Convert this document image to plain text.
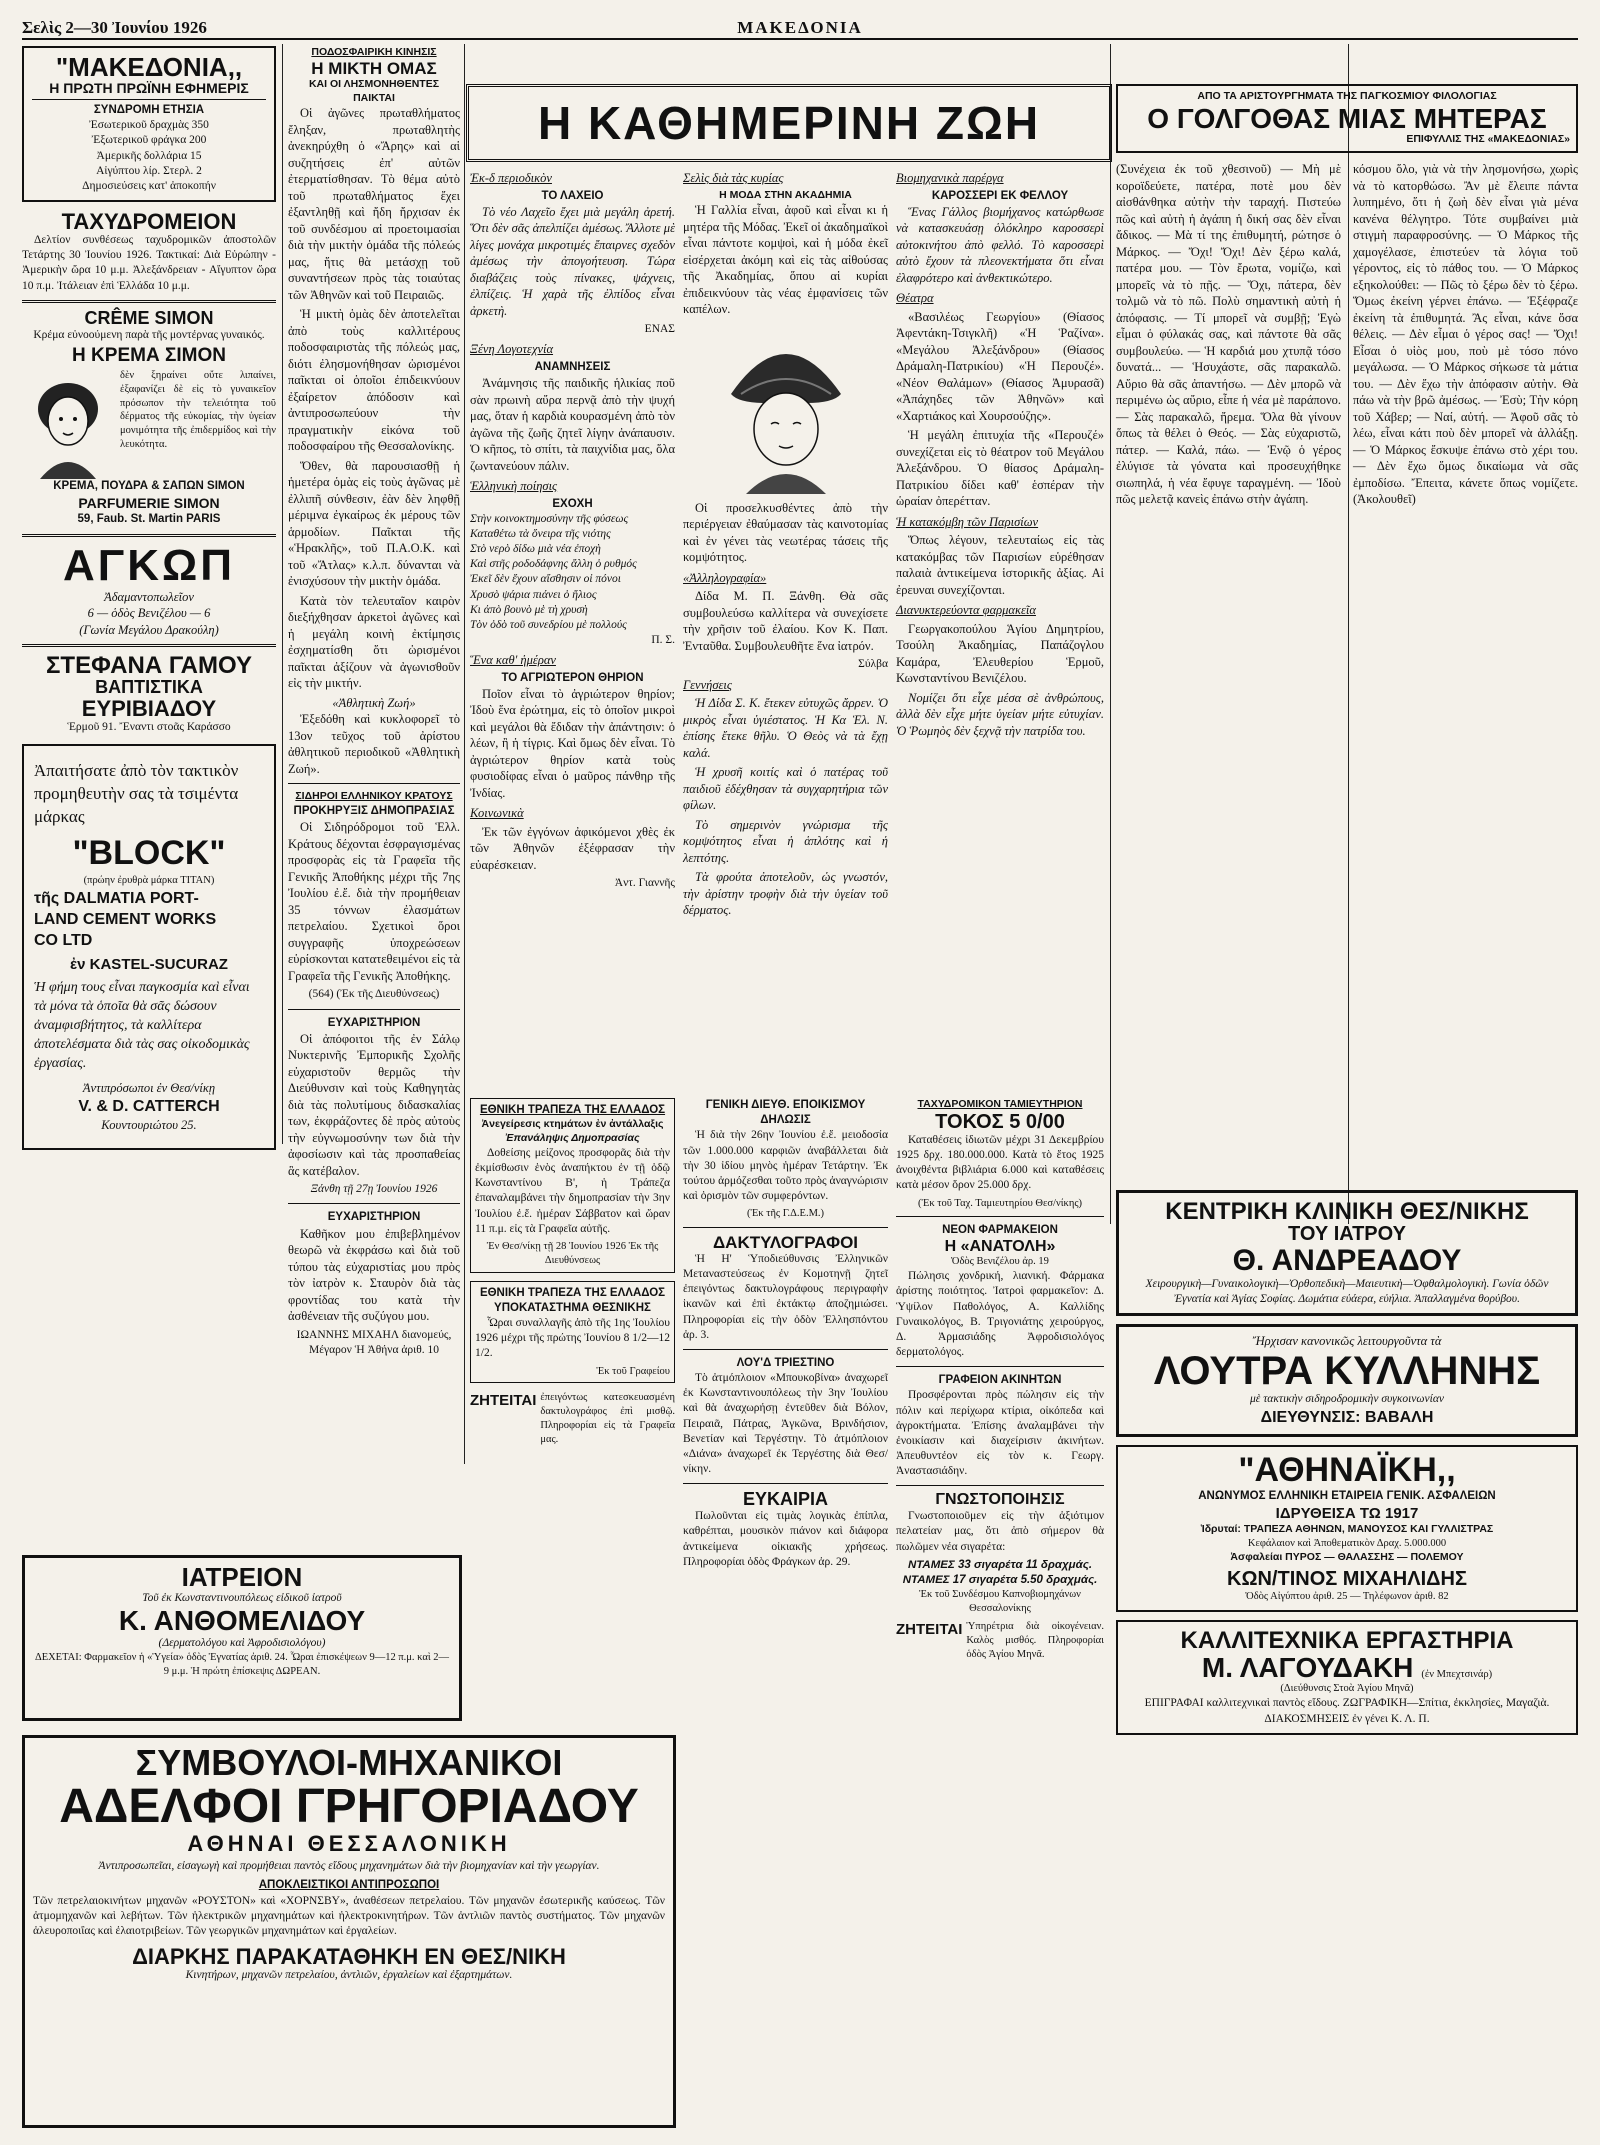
Σελὶς 2—30 Ἰουνίου 1926	ΜΑΚΕΔΟΝΙΑ
"ΜΑΚΕΔΟΝΙΑ,,
Η ΠΡΩΤΗ ΠΡΩΪΝΗ ΕΦΗΜΕΡΙΣ
ΣΥΝΔΡΟΜΗ ΕΤΗΣΙΑ
Ἐσωτερικοῦ δραχμὰς 350
Ἐξωτερικοῦ φράγκα 200
Ἀμερικῆς δολλάρια 15
Αἰγύπτου λίρ. Στερλ. 2
Δημοσιεύσεις κατ' ἀποκοπήν
ΤΑΧΥΔΡΟΜΕΙΟΝ

Δελτίον συνθέσεως ταχυδρομικῶν ἀποστολῶν Τετάρτης 30 Ἰουνίου 1926. Τακτικαί: Διὰ Εὐρώπην - Ἀμερικὴν ὥρα 10 μ.μ. Ἀλεξάνδρειαν - Αἴγυπτον ὥρα 10 π.μ. Ἰτάλειαν ἐπὶ Ἑλλάδα 10 μ.μ.

CRÊME SIMON
Κρέμα εὐνοούμενη παρὰ τῆς μοντέρνας γυναικός.
Η ΚΡΕΜΑ ΣΙΜΟΝ

δὲν ξηραίνει οὔτε λιπαίνει, ἐξαφανίζει δὲ εἰς τὸ γυναικεῖον πρόσωπον τὴν τελειότητα τοῦ δέρματος τῆς εὐκομίας, τὴν ὑγείαν μονιμότητα τῆς ἐπιδερμίδος καὶ τὴν λευκότητα.

ΚΡΕΜΑ, ΠΟΥΔΡΑ & ΣΑΠΩΝ SIMON
PARFUMERIE SIMON
59, Faub. St. Martin PARIS
ΑΓΚΩΠ
Ἀδαμαντοπωλεῖον
6 — ὁδὸς Βενιζέλου — 6
(Γωνία Μεγάλου Δρακούλη)
ΣΤΕΦΑΝΑ ΓΑΜΟΥ
ΒΑΠΤΙΣΤΙΚΑ
ΕΥΡΙΒΙΑΔΟΥ
Ἑρμοῦ 91. Ἔναντι στοᾶς Καράσσο
Ἀπαιτήσατε ἀπὸ τὸν τακτικὸν προμηθευτὴν σας τὰ τσιμέντα μάρκας
"BLOCK"
(πρώην ἐρυθρὰ μάρκα ΤΙΤΑΝ)
τῆς DALMATIA PORT-
LAND CEMENT WORKS
CO LTD
ἐν KASTEL-SUCURAZ
Ἡ φήμη τους εἶναι παγκοσμία καὶ εἶναι τὰ μόνα τὰ ὁποῖα θὰ σᾶς δώσουν ἀναμφισβήτητος, τὰ καλλίτερα ἀποτελέσματα διὰ τὰς σας οἰκοδομικὰς ἐργασίας.
Ἀντιπρόσωποι ἐν Θεσ/νίκῃ
V. & D. CATTERCH
Κουντουριώτου 25.
ΠΟΔΟΣΦΑΙΡΙΚΗ ΚΙΝΗΣΙΣ
Η ΜΙΚΤΗ ΟΜΑΣ
ΚΑΙ ΟΙ ΛΗΣΜΟΝΗΘΕΝΤΕΣ ΠΑΙΚΤΑΙ

Οἱ ἀγῶνες πρωταθλήματος ἔληξαν, πρωταθλητὴς ἀνεκηρύχθη ὁ «Ἄρης» καὶ αἱ συζητήσεις ἐπ' αὐτῶν ἐτερματίσθησαν. Τὸ θέμα αὐτὸ τοῦ πρωταθλήματος ἔχει ἐξαντληθῇ καὶ ἤδη ἤρχισαν ἐκ τοῦ συνδέσμου αἱ προετοιμασίαι διὰ τὴν μικτὴν ὁμάδα τῆς πόλεώς μας, ἥτις θὰ μετάσχῃ τοῦ συναντήσεων πρὸς τὰς τοιαύτας τῶν Ἀθηνῶν καὶ τοῦ Πειραιῶς.

Ἡ μικτὴ ὁμὰς δὲν ἀποτελεῖται ἀπὸ τοὺς καλλιτέρους ποδοσφαιριστὰς τῆς πόλεώς μας, διότι ἐλησμονήθησαν ὡρισμένοι παῖκται οἱ ὁποῖοι ἐπιδεικνύουν ἐξαίρετον ἀπόδοσιν καὶ ἀντιπροσωπεύουν τὴν πραγματικὴν εἰκόνα τοῦ ποδοσφαίρου τῆς Θεσσαλονίκης.

Ὅθεν, θὰ παρουσιασθῇ ἡ ἡμετέρα ὁμὰς εἰς τοὺς ἀγῶνας μὲ ἐλλιπῆ σύνθεσιν, ἐὰν δὲν ληφθῇ μέριμνα ἐγκαίρως ἐκ μέρους τῶν ἁρμοδίων. Παῖκται τῆς «Ἡρακλῆς», τοῦ Π.Α.Ο.Κ. καὶ τοῦ «Ἄτλας» κ.λ.π. δύνανται νὰ ἐνισχύσουν τὴν μικτὴν ὁμάδα.

Κατὰ τὸν τελευταῖον καιρὸν διεξήχθησαν ἀρκετοὶ ἀγῶνες καὶ ἡ μεγάλη κοινὴ ἐκτίμησις ἐσχηματίσθη ὅτι ὡρισμένοι παῖκται ἀξίζουν νὰ ἀγωνισθοῦν εἰς τὴν μικτήν.

«Ἀθλητικὴ Ζωή»

Ἐξεδόθη καὶ κυκλοφορεῖ τὸ 13ον τεῦχος τοῦ ἀρίστου ἀθλητικοῦ περιοδικοῦ «Ἀθλητικὴ Ζωή».

ΣΙΔΗΡΟΙ ΕΛΛΗΝΙΚΟΥ ΚΡΑΤΟΥΣ
ΠΡΟΚΗΡΥΞΙΣ ΔΗΜΟΠΡΑΣΙΑΣ

Οἱ Σιδηρόδρομοι τοῦ Ἑλλ. Κράτους δέχονται ἐσφραγισμένας προσφορὰς εἰς τὰ Γραφεῖα τῆς Γενικῆς Ἀποθήκης μέχρι τῆς 7ης Ἰουλίου ἐ.ἔ. διὰ τὴν προμήθειαν 35 τόννων ἐλασμάτων πετρελαίου. Σχετικοὶ ὅροι συγγραφῆς ὑποχρεώσεων εὑρίσκονται κατατεθειμένοι εἰς τὰ Γραφεῖα τῆς Γενικῆς Ἀποθήκης.

(564) (Ἐκ τῆς Διευθύνσεως)
ΕΥΧΑΡΙΣΤΗΡΙΟΝ

Οἱ ἀπόφοιτοι τῆς ἐν Σάλῳ Νυκτερινῆς Ἐμπορικῆς Σχολῆς εὐχαριστοῦν θερμῶς τὴν Διεύθυνσιν καὶ τοὺς Καθηγητὰς διὰ τὰς πολυτίμους διδασκαλίας των, ἐκφράζοντες δὲ πρὸς αὐτοὺς τὴν εὐγνωμοσύνην των διὰ τὴν ἀφοσίωσιν καὶ τὰς προσπαθείας ἃς κατέβαλον.

Ξάνθη τῇ 27ῃ Ἰουνίου 1926
ΕΥΧΑΡΙΣΤΗΡΙΟΝ

Καθῆκον μου ἐπιβεβλημένον θεωρῶ νὰ ἐκφράσω καὶ διὰ τοῦ τύπου τὰς εὐχαριστίας μου πρὸς τὸν ἰατρὸν κ. Σταυρὸν διὰ τὰς φροντίδας του κατὰ τὴν ἀσθένειαν τῆς συζύγου μου.

ΙΩΑΝΝΗΣ ΜΙΧΑΗΛ διανομεύς, Μέγαρον Ἡ Ἀθήνα ἀριθ. 10
Η ΚΑΘΗΜΕΡΙΝΗ ΖΩΗ
Ἐκ-δ περιοδικὸν
ΤΟ ΛΑΧΕΙΟ

Τὸ νέο Λαχεῖο ἔχει μιὰ μεγάλη ἀρετή. Ὅτι δὲν σᾶς ἀπελπίζει ἀμέσως. Ἄλλοτε μὲ λίγες μονάχα μικροτιμές ἔπαιρνες σχεδὸν ἀμέσως τὴν ἀπογοήτευση. Τώρα διαβάζεις τοὺς πίνακες, ψάχνεις, ἐλπίζεις. Ἡ χαρὰ τῆς ἐλπίδος εἶναι ἀρκετὴ.

ΕΝΑΣ
Ξένη Λογοτεχνία
ΑΝΑΜΝΗΣΕΙΣ

Ἀνάμνησις τῆς παιδικῆς ἡλικίας ποῦ σὰν πρωινὴ αὔρα περνᾷ ἀπὸ τὴν ψυχή μας, ὅταν ἡ καρδιὰ κουρασμένη ἀπὸ τὸν ἀγῶνα τῆς ζωῆς ζητεῖ λίγην ἀνάπαυσιν. Ὁ κῆπος, τὸ σπίτι, τὰ παιχνίδια μας, ὅλα ζωντανεύουν πάλιν.

Ἑλληνικὴ ποίησις
ΕΧΟΧΗ
Στὴν κοινοκτημοσύνην τῆς φύσεως
Καταθέτω τὰ ὄνειρα τῆς νιότης
Στὸ νερὸ δίδω μιὰ νέα ἐποχὴ
Καὶ στῆς ροδοδάφνης ἄλλη ὁ ρυθμός
Ἐκεῖ δὲν ἔχουν αἴσθησιν οἱ πόνοι
Χρυσὸ ψάρια πιάνει ὁ ἥλιος
Κι ἀπὸ βουνὸ μὲ τὴ χρυσὴ
Τὸν ὁδὸ τοῦ συνεδρίου μὲ πολλούς
Π. Σ.
Ἕνα καθ' ἡμέραν
ΤΟ ΑΓΡΙΩΤΕΡΟΝ ΘΗΡΙΟΝ

Ποῖον εἶναι τὸ ἀγριώτερον θηρίον; Ἰδοὺ ἕνα ἐρώτημα, εἰς τὸ ὁποῖον μικροὶ καὶ μεγάλοι θὰ ἔδιδαν τὴν ἀπάντησιν: ὁ λέων, ἢ ἡ τίγρις. Καὶ ὅμως δὲν εἶναι. Τὸ ἀγριώτερον θηρίον κατὰ τοὺς φυσιοδίφας εἶναι ὁ μαῦρος πάνθηρ τῆς Ἰνδίας.

Κοινωνικὰ

Ἐκ τῶν ἐγγόνων ἀφικόμενοι χθὲς ἐκ τῶν Ἀθηνῶν ἐξέφρασαν τὴν εὐαρέσκειαν.

Ἀντ. Γιαννῆς
Σελὶς διὰ τὰς κυρίας
Η ΜΟΔΑ ΣΤΗΝ ΑΚΑΔΗΜΙΑ

Ἡ Γαλλία εἶναι, ἀφοῦ καὶ εἶναι κι ἡ μητέρα τῆς Μόδας. Ἐκεῖ οἱ ἀκαδημαϊκοὶ εἶναι πάντοτε κομψοὶ, καὶ ἡ μόδα ἐκεῖ εἰσέρχεται ἀκόμη καὶ εἰς τὰς αἰθούσας τῆς Ἀκαδημίας, ὅπου αἱ κυρίαι ἐπιδεικνύουν τὰς νέας ἐμφανίσεις τῶν καπέλων.

Οἱ προσελκυσθέντες ἀπὸ τὴν περιέργειαν ἐθαύμασαν τὰς καινοτομίας καὶ ἐν γένει τὰς νεωτέρας τάσεις τῆς κομψότητος.

«Ἀλληλογραφία»

Δίδα Μ. Π. Ξάνθη. Θὰ σᾶς συμβουλεύσω καλλίτερα νὰ συνεχίσετε τὴν χρῆσιν τοῦ ἐλαίου. Κον Κ. Παπ. Ἐνταῦθα. Συμβουλευθῆτε ἕνα ἰατρόν.

Σύλβα
Γεννήσεις

Ἡ Δίδα Σ. Κ. ἔτεκεν εὐτυχῶς ἄρρεν. Ὁ μικρὸς εἶναι ὑγιέστατος. Ἡ Κα Ἑλ. Ν. ἐπίσης ἔτεκε θῆλυ. Ὁ Θεὸς νὰ τὰ ἔχῃ καλά.

Ἡ χρυσῆ κοιτίς καὶ ὁ πατέρας τοῦ παιδιοῦ ἐδέχθησαν τὰ συγχαρητήρια τῶν φίλων.

Τὸ σημερινὸν γνώρισμα τῆς κομψότητος εἶναι ἡ ἁπλότης καὶ ἡ λεπτότης.

Τὰ φρούτα ἀποτελοῦν, ὡς γνωστόν, τὴν ἀρίστην τροφὴν διὰ τὴν ὑγείαν τοῦ δέρματος.

Βιομηχανικὰ παρέργα
ΚΑΡΟΣΣΕΡΙ ΕΚ ΦΕΛΛΟΥ

Ἕνας Γάλλος βιομήχανος κατώρθωσε νὰ κατασκευάσῃ ὁλόκληρο καροσσερὶ αὐτοκινήτου ἀπὸ φελλό. Τὸ καροσσερὶ αὐτὸ ἔχουν τὰ πλεονεκτήματα ὅτι εἶναι ἐλαφρότερο καὶ ἀνθεκτικώτερο.

Θέατρα

«Βασιλέως Γεωργίου» (Θίασος Ἀφεντάκη-Τσιγκλῆ) «Ἡ Ῥαζίνα». «Μεγάλου Ἀλεξάνδρου» (Θίασος Δράμαλη-Πατρικίου) «Ἡ Περουζέ». «Νέον Θαλάμων» (Θίασος Ἀμυρασᾶ) «Ἀπάχηδες τῶν Ἀθηνῶν» καὶ «Χαρτιάκος καὶ Χουρσούζης».

Ἡ μεγάλη ἐπιτυχία τῆς «Περουζέ» συνεχίζεται εἰς τὸ θέατρον τοῦ Μεγάλου Ἀλεξάνδρου. Ὁ θίασος Δράμαλη-Πατρικίου δίδει καθ' ἑσπέραν τὴν ὡραίαν ὀπερέτταν.

Ἡ κατακόμβη τῶν Παρισίων

Ὅπως λέγουν, τελευταίως εἰς τὰς κατακόμβας τῶν Παρισίων εὑρέθησαν παλαιὰ ἀντικείμενα ἱστορικῆς ἀξίας. Αἱ ἐρευναι συνεχίζονται.

Διανυκτερεύοντα φαρμακεῖα

Γεωργακοπούλου Ἁγίου Δημητρίου, Τσούλη Ἀκαδημίας, Παπάζογλου Καμάρα, Ἐλευθερίου Ἑρμοῦ, Κωνσταντίνου Βενιζέλου.

Νομίζει ὅτι εἶχε μέσα σὲ ἀνθρώπους, ἀλλὰ δὲν εἶχε μήτε ὑγείαν μήτε εὐτυχίαν. Ὁ Ῥωμηὸς δὲν ξεχνᾷ τὴν πατρίδα του.

ΑΠΟ ΤΑ ΑΡΙΣΤΟΥΡΓΗΜΑΤΑ ΤΗΣ ΠΑΓΚΟΣΜΙΟΥ ΦΙΛΟΛΟΓΙΑΣ
Ο ΓΟΛΓΟΘΑΣ ΜΙΑΣ ΜΗΤΕΡΑΣ
ΕΠΙΦΥΛΛΙΣ ΤΗΣ «ΜΑΚΕΔΟΝΙΑΣ»

(Συνέχεια ἐκ τοῦ χθεσινοῦ) — Μὴ μὲ κοροϊδεύετε, πατέρα, ποτὲ μου δὲν αἰσθάνθηκα αὐτὴν τὴν ταραχή. Πιστεύω πῶς καὶ αὐτὴ ἡ ἀγάπη ἡ δική σας δὲν εἶναι ἄδικος. — Μὰ τί της ἐπιθυμητή, ρώτησε ὁ Μάρκος. — Ὄχι! Ὄχι! Δὲν ξέρω καλά, πατέρα μου. — Τὸν ἔρωτα, νομίζω, καὶ μπορεῖς νὰ τὸ πῇς. — Ὅχι, πάτερα, δὲν τολμῶ νὰ τὸ πῶ. Πολὺ σημαντικὴ αὐτὴ ἡ ἀπόφασις. — Τί μπορεῖ νὰ συμβῇ; Ἐγὼ εἶμαι ὁ φύλακάς σας, καὶ πάντοτε θὰ σᾶς συμβουλεύω. — Ἡ καρδιά μου χτυπᾷ τόσο δυνατά... — Ἡσυχάστε, σᾶς παρακαλῶ. Αὔριο θὰ σᾶς ἀπαντήσω. — Δὲν μπορῶ νὰ περιμένω ὡς αὔριο, εἶπε ἡ νέα μὲ παράπονο. — Σὰς παρακαλῶ, ἤρεμα. Ὅλα θὰ γίνουν ὅπως τὰ θέλει ὁ Θεός. — Σὰς εὐχαριστῶ, πάτερ. — Καλά, πάω. — Ἐνῷ ὁ γέρος ἐλύγισε τὰ γόνατα καὶ προσευχήθηκε σιωπηλά, ἡ νέα ἔφυγε ταραγμένη. — Ἰδοὺ πῶς μελετᾷ κανεὶς ἐπάνω στὴν ἀγάπη.

κόσμου ὅλο, γιὰ νὰ τὴν λησμονήσω, χωρὶς νὰ τὸ κατορθώσω. Ἂν μὲ ἔλειπε πάντα λυπημένο, ὅτι ἡ ζωὴ δὲν εἶναι γιὰ μένα κανένα θέλγητρο. Τότε συμβαίνει μιὰ στιγμὴ παραφροσύνης. — Ὁ Μάρκος τῆς χαμογέλασε, ἐπιστεύεν τὰ λόγια τοῦ γέροντος, εἰς τὸ πάθος του. — Ὁ Μάρκος εξηκολούθει: — Πῶς τὸ ξέρω δὲν τὸ ξέρω. Ὅμως ἐκείνη γέρνει ἐπάνω. — Ἐξέφραζε ἐκείνη τὰ ἐπιθυμητά. Ἂς εἶναι, κάνε ὅσα θέλεις. — Δὲν εἶμαι ὁ γέρος σας! — Ὄχι! Εἶσαι ὁ υἱὸς μου, ποὺ μὲ τόσο πόνο μεγάλωσα. — Ὁ Μάρκος σήκωσε τὰ μάτια του. — Δὲν ἔχω τὴν ἀπόφασιν αὐτὴν. Θὰ πάω νὰ τὴν βρῶ ἀμέσως. — Ἐσὺ; Τὴν κόρη τοῦ Χάβερ; — Ναί, αὐτή. — Ἀφοῦ σᾶς τὸ λέω, εἶναι κάτι ποὺ δὲν μπορεῖ νὰ ἀλλάξῃ. — Ὁ Μάρκος ἔσκυψε ἐπάνω στὸ χέρι του. — Δὲν ἔχω ὅμως δικαίωμα νὰ σᾶς ἐμποδίσω. Ἔπειτα, κάνετε ὅπως νομίζετε. (Ἀκολουθεῖ)

ΕΘΝΙΚΗ ΤΡΑΠΕΖΑ ΤΗΣ ΕΛΛΑΔΟΣ
Ἀνεγείρεσις κτημάτων ἐν ἀντάλλαξις
Ἐπανάληψις Δημοπρασίας

Δοθείσης μείζονος προσφορᾶς διὰ τὴν ἐκμίσθωσιν ἑνὸς ἀναπήκτου ἐν τῇ ὁδῷ Κωνσταντίνου Β', ἡ Τράπεζα ἐπαναλαμβάνει τὴν δημοπρασίαν τὴν 3ην Ἰουλίου ἐ.ἔ. ἡμέραν Σάββατον καὶ ὥραν 11 π.μ. εἰς τὰ Γραφεῖα αὐτῆς.

Ἐν Θεσ/νίκῃ τῇ 28 Ἰουνίου 1926 Ἐκ τῆς Διευθύνσεως
ΕΘΝΙΚΗ ΤΡΑΠΕΖΑ ΤΗΣ ΕΛΛΑΔΟΣ
ΥΠΟΚΑΤΑΣΤΗΜΑ ΘΕΣΝΙΚΗΣ

Ὧραι συναλλαγῆς ἀπὸ τῆς 1ης Ἰουλίου 1926 μέχρι τῆς πρώτης Ἰουνίου 8 1/2—12 1/2.

Ἐκ τοῦ Γραφείου
ΖΗΤΕΙΤΑΙ ἐπειγόντως κατεσκευασμένη δακτυλογράφος ἐπὶ μισθῷ. Πληροφορίαι εἰς τὰ Γραφεῖα μας.
ΓΕΝΙΚΗ ΔΙΕΥΘ. ΕΠΟΙΚΙΣΜΟΥ
ΔΗΛΩΣΙΣ

Ἡ διὰ τὴν 26ην Ἰουνίου ἐ.ἔ. μειοδοσία τῶν 1.000.000 καρφιῶν ἀναβάλλεται διὰ τὴν 30 ἰδίου μηνὸς ἡμέραν Τετάρτην. Ἐκ τούτου ἀρμόζεσθαι τοῦτο πρὸς ἀναγνώρισιν καὶ ὁρισμὸν τῶν συμφερόντων.

(Ἐκ τῆς Γ.Δ.Ε.Μ.)
ΔΑΚΤΥΛΟΓΡΑΦΟΙ

Ἡ Η' Ὑποδιεύθυνσις Ἐλληνικῶν Μεταναστεύσεως ἐν Κομοτηνῇ ζητεῖ ἐπειγόντως δακτυλογράφους περιγραφὴν ἱκανῶν καὶ ἐπὶ ἐκτάκτῳ ἀποζημιώσει. Πληροφορίαι εἰς τὴν ὁδὸν Ἐλλησπόντου ἀρ. 3.

ΛΟΥ'Δ ΤΡΙΕΣΤΙΝΟ

Τὸ ἀτμόπλοιον «Μπουκοβίνα» ἀναχωρεῖ ἐκ Κωνσταντινουπόλεως τὴν 3ην Ἰουλίου καὶ θὰ ἀναχωρήσῃ ἐντεῦθεν διὰ Βόλον, Πειραιᾶ, Πάτρας, Ἀγκῶνα, Βρινδήσιον, Βενετίαν καὶ Τεργέστην. Τὸ ἀτμόπλοιον «Διάνα» ἀναχωρεῖ ἐκ Τεργέστης διὰ Θεσ/νίκην.

ΕΥΚΑΙΡΙΑ

Πωλοῦνται εἰς τιμὰς λογικὰς ἐπίπλα, καθρέπται, μουσικὸν πιάνον καὶ διάφορα ἀντικείμενα οἰκιακῆς χρήσεως. Πληροφορίαι ὁδὸς Φράγκων ἀρ. 29.

ΤΑΧΥΔΡΟΜΙΚΟΝ ΤΑΜΙΕΥΤΗΡΙΟΝ
ΤΟΚΟΣ 5 0/00

Καταθέσεις ἰδιωτῶν μέχρι 31 Δεκεμβρίου 1925 δρχ. 180.000.000. Κατὰ τὸ ἔτος 1925 ἀνοιχθέντα βιβλιάρια 6.000 καὶ καταθέσεις κατὰ μέσον ὅρον 25.000 δρχ.

(Ἐκ τοῦ Ταχ. Ταμιευτηρίου Θεσ/νίκης)
ΝΕΟΝ ΦΑΡΜΑΚΕΙΟΝ
Η «ΑΝΑΤΟΛΗ»
Ὁδὸς Βενιζέλου ἀρ. 19

Πώλησις χονδρική, λιανική. Φάρμακα ἀρίστης ποιότητος. Ἰατροὶ φαρμακεῖον: Δ. Ὑψίλον Παθολόγος, Α. Καλλίδης Γυναικολόγος, Β. Τριγονιάτης χειρούργος, Δ. Ἀρμασιάδης Ἀφροδισιολόγος δερματολόγος.

ΓΡΑΦΕΙΟΝ ΑΚΙΝΗΤΩΝ

Προσφέρονται πρὸς πώλησιν εἰς τὴν πόλιν καὶ περίχωρα κτίρια, οἰκόπεδα καὶ ἀγροκτήματα. Ἐπίσης ἀναλαμβάνει τὴν ἐνοικίασιν καὶ διαχείρισιν ἀκινήτων. Ἀπευθυντέον εἰς τὸν κ. Γεωργ. Ἀναστασιάδην.

ΓΝΩΣΤΟΠΟΙΗΣΙΣ

Γνωστοποιοῦμεν εἰς τὴν ἀξιότιμον πελατείαν μας, ὅτι ἀπὸ σήμερον θὰ πωλῶμεν νέα σιγαρέτα:

ΝΤΑΜΕΣ 33 σιγαρέτα 11 δραχμάς.
ΝΤΑΜΕΣ 17 σιγαρέτα 5.50 δραχμάς.
Ἐκ τοῦ Συνδέσμου Καπνοβιομηχάνων Θεσσαλονίκης
ΖΗΤΕΙΤΑΙ Ὑπηρέτρια διὰ οἰκογένειαν. Καλὸς μισθός. Πληροφορίαι ὁδὸς Ἁγίου Μηνᾶ.
ΚΕΝΤΡΙΚΗ ΚΛΙΝΙΚΗ ΘΕΣ/ΝΙΚΗΣ
ΤΟΥ ΙΑΤΡΟΥ
Θ. ΑΝΔΡΕΑΔΟΥ
Χειρουργικὴ—Γυναικολογικὴ—Ὀρθοπεδικὴ—Μαιευτικὴ—Ὀφθαλμολογικὴ. Γωνία ὁδῶν Ἐγνατία καὶ Ἁγίας Σοφίας. Δωμάτια εὐάερα, εὐήλια. Ἀπαλλαγμένα θορύβου.
Ἤρχισαν κανονικῶς λειτουργοῦντα τὰ
ΛΟΥΤΡΑ ΚΥΛΛΗΝΗΣ
μὲ τακτικὴν σιδηροδρομικὴν συγκοινωνίαν
ΔΙΕΥΘΥΝΣΙΣ: ΒΑΒΑΛΗ
"ΑΘΗΝΑΪΚΗ,,
ΑΝΩΝΥΜΟΣ ΕΛΛΗΝΙΚΗ ΕΤΑΙΡΕΙΑ ΓΕΝΙΚ. ΑΣΦΑΛΕΙΩΝ
ΙΔΡΥΘΕΙΣΑ ΤΩ 1917
Ἱδρυταί: ΤΡΑΠΕΖΑ ΑΘΗΝΩΝ, ΜΑΝΟΥΣΟΣ ΚΑΙ ΓΥΛΛΙΣΤΡΑΣ
Κεφάλαιον καὶ Ἀποθεματικὸν Δραχ. 5.000.000
Ἀσφαλείαι ΠΥΡΟΣ — ΘΑΛΑΣΣΗΣ — ΠΟΛΕΜΟΥ
ΚΩΝ/ΤΙΝΟΣ ΜΙΧΑΗΛΙΔΗΣ
Ὁδὸς Αἰγύπτου ἀριθ. 25 — Τηλέφωνον ἀριθ. 82
ΚΑΛΛΙΤΕΧΝΙΚΑ ΕΡΓΑΣΤΗΡΙΑ
Μ. ΛΑΓΟΥΔΑΚΗ (ἐν Μπεχτσινάρ)
(Διεύθυνσις Στοὰ Ἁγίου Μηνᾶ)
ΕΠΙΓΡΑΦΑΙ καλλιτεχνικαὶ παντὸς εἴδους. ΖΩΓΡΑΦΙΚΗ—Σπίτια, ἐκκλησίες, Μαγαζιὰ. ΔΙΑΚΟΣΜΗΣΕΙΣ ἐν γένει Κ. Λ. Π.
ΙΑΤΡΕΙΟΝ
Τοῦ ἐκ Κωνσταντινουπόλεως εἰδικοῦ ἰατροῦ
Κ. ΑΝΘΟΜΕΛΙΔΟΥ
(Δερματολόγου καὶ Ἀφροδισιολόγου)
ΔΕΧΕΤΑΙ: Φαρμακεῖον ἡ «Ὑγεία» ὁδὸς Ἐγνατίας ἀριθ. 24. Ὧραι ἐπισκέψεων 9—12 π.μ. καὶ 2—9 μ.μ. Ἡ πρώτη ἐπίσκεψις ΔΩΡΕΑΝ.
ΣΥΜΒΟΥΛΟΙ-ΜΗΧΑΝΙΚΟΙ
ΑΔΕΛΦΟΙ ΓΡΗΓΟΡΙΑΔΟΥ
ΑΘΗΝΑΙ ΘΕΣΣΑΛΟΝΙΚΗ
Ἀντιπροσωπεῖαι, εἰσαγωγὴ καὶ προμήθειαι παντὸς εἴδους μηχανημάτων διὰ τὴν βιομηχανίαν καὶ τὴν γεωργίαν.
ΑΠΟΚΛΕΙΣΤΙΚΟΙ ΑΝΤΙΠΡΟΣΩΠΟΙ

Τῶν πετρελαιοκινήτων μηχανῶν «ΡΟΥΣΤΟΝ» καὶ «ΧΟΡΝΣΒΥ», ἀναθέσεων πετρελαίου. Τῶν μηχανῶν ἐσωτερικῆς καύσεως. Τῶν ἀτμομηχανῶν καὶ λεβήτων. Τῶν ἠλεκτρικῶν μηχανημάτων καὶ ἠλεκτροκινητήρων. Τῶν ἀντλιῶν παντὸς συστήματος. Τῶν μηχανῶν ἀλευροποιΐας καὶ ἐλαιοτριβείων. Τῶν γεωργικῶν μηχανημάτων καὶ ἐργαλείων.

ΔΙΑΡΚΗΣ ΠΑΡΑΚΑΤΑΘΗΚΗ ΕΝ ΘΕΣ/ΝΙΚΗ
Κινητήρων, μηχανῶν πετρελαίου, ἀντλιῶν, ἐργαλείων καὶ ἐξαρτημάτων.
